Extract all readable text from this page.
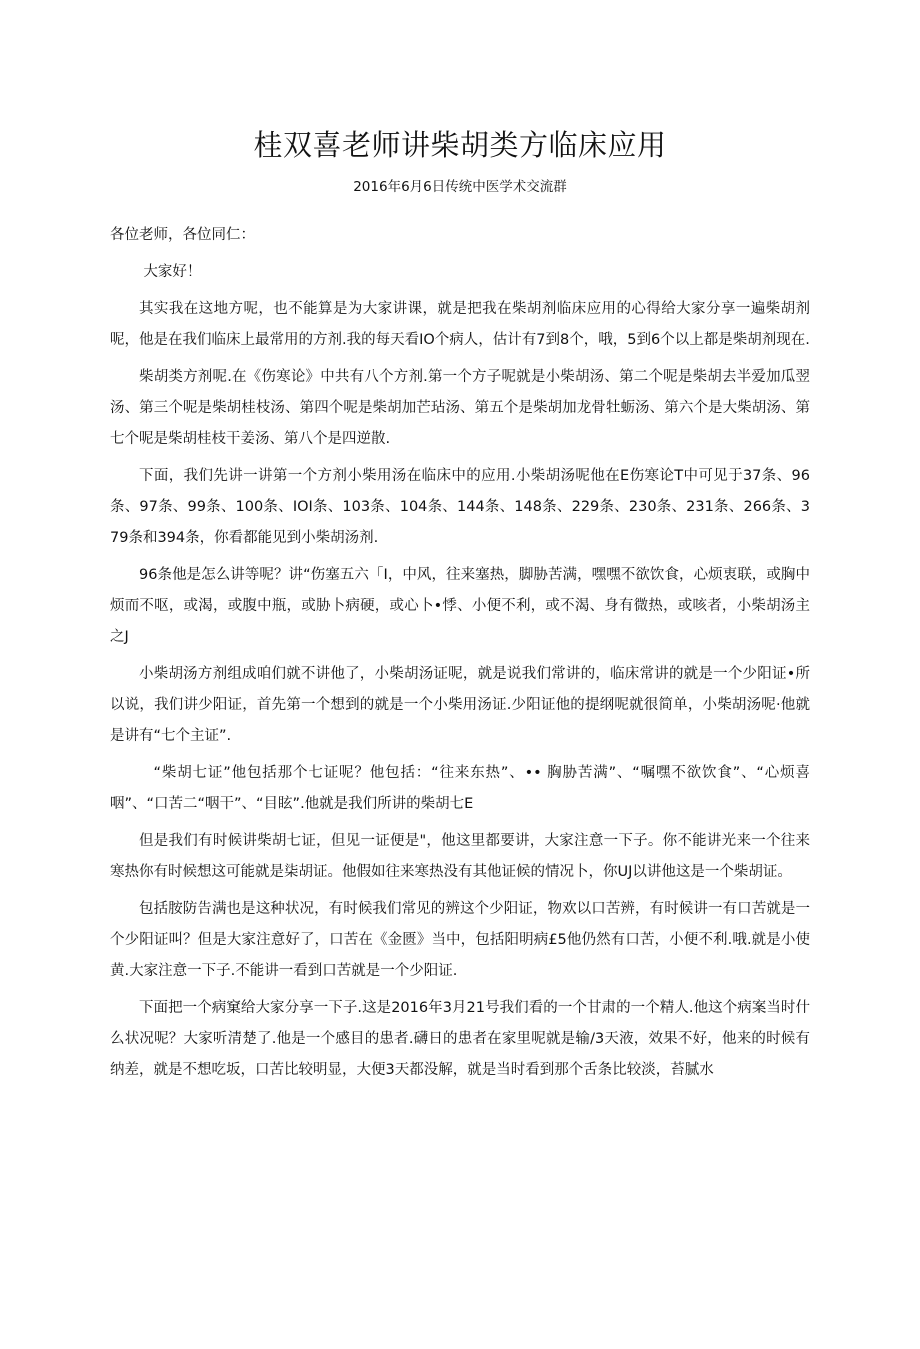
桂双喜老师讲柴胡类方临床应用

2016年6月6日传统中医学术交流群

各位老师，各位同仁：

大家好！

其实我在这地方呢，也不能算是为大家讲课，就是把我在柴胡剂临床应用的心得给大家分享一遍柴胡剂呢，他是在我们临床上最常用的方剂.我的每天看IO个病人，估计有7到8个，哦，5到6个以上都是柴胡剂现在.

柴胡类方剂呢.在《伤寒论》中共有八个方剂.第一个方子呢就是小柴胡汤、第二个呢是柴胡去半爱加瓜翌汤、第三个呢是柴胡桂枝汤、第四个呢是柴胡加芒玷汤、第五个是柴胡加龙骨牡蛎汤、第六个是大柴胡汤、第七个呢是柴胡桂枝干姜汤、第八个是四逆散.

下面，我们先讲一讲第一个方剂小柴用汤在临床中的应用.小柴胡汤呢他在E伤寒论T中可见于37条、96条、97条、99条、100条、IOI条、103条、104条、144条、148条、229条、230条、231条、266条、379条和394条，你看都能见到小柴胡汤剂.

96条他是怎么讲等呢？讲“伤塞五六「I，中风，往来塞热，脚胁苦满，嘿嘿不欲饮食，心烦衷联，或胸中烦而不呕，或渴，或腹中瓶，或胁卜病硬，或心卜•悸、小便不利，或不渴、身有微热，或咳者，小柴胡汤主之J

小柴胡汤方剂组成咱们就不讲他了，小柴胡汤证呢，就是说我们常讲的，临床常讲的就是一个少阳证•所以说，我们讲少阳证，首先第一个想到的就是一个小柴用汤证.少阳证他的提纲呢就很简单，小柴胡汤呢·他就是讲有“七个主证”.

“柴胡七证”他包括那个七证呢？他包括：“往来东热”、•• 胸胁苦满”、“嘱嘿不欲饮食”、“心烦喜咽”、“口苦二“咽干”、“目眩”.他就是我们所讲的柴胡七E

但是我们有时候讲柴胡七证，但见一证便是"，他这里都要讲，大家注意一下子。你不能讲光来一个往来寒热你有时候想这可能就是柒胡证。他假如往来寒热没有其他证候的情况卜，你UJ以讲他这是一个柴胡证。

包括胺防告满也是这种状况，有时候我们常见的辨这个少阳证，物欢以口苦辨，有时候讲一有口苦就是一个少阳证叫？但是大家注意好了，口苦在《金匮》当中，包括阳明病£5他仍然有口苦，小便不利.哦.就是小使黄.大家注意一下子.不能讲一看到口苦就是一个少阳证.

下面把一个病窠给大家分享一下子.这是2016年3月21号我们看的一个甘肃的一个精人.他这个病案当时什么状况呢？大家听清楚了.他是一个感目的患者.礴日的患者在家里呢就是输/3天液，效果不好，他来的时候有纳差，就是不想吃坂，口苦比较明显，大便3天都没解，就是当时看到那个舌条比较淡，苔腻水
